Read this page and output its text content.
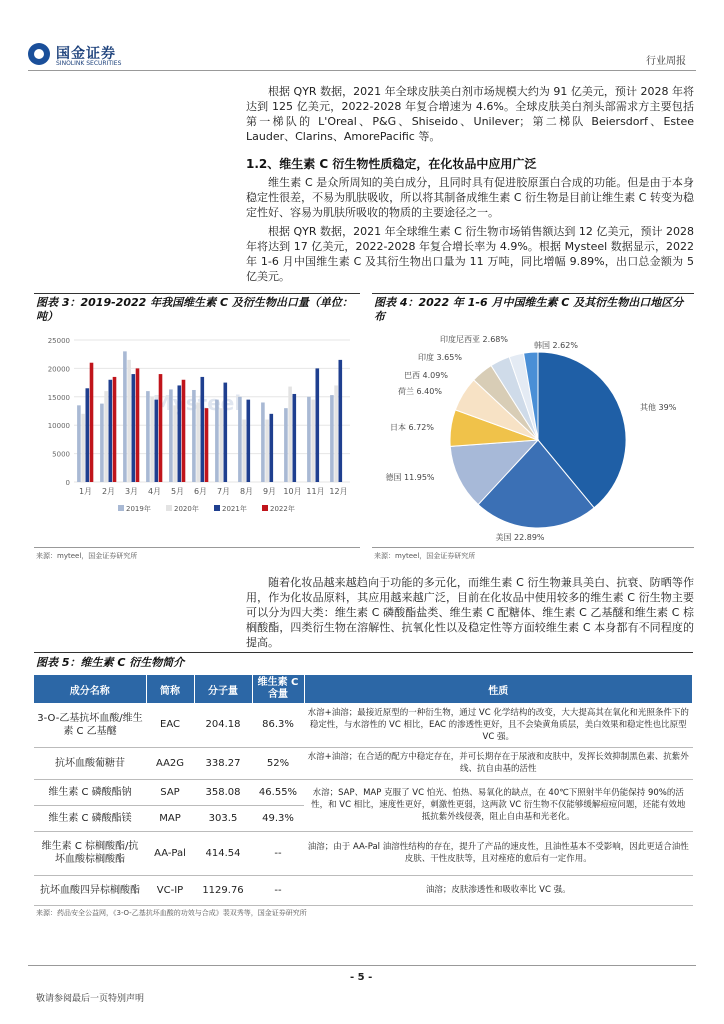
国金证券
SINOLINK SECURITIES	行业周报
根据 QYR 数据，2021 年全球皮肤美白剂市场规模大约为 91 亿美元，预计 2028 年将达到 125 亿美元，2022-2028 年复合增速为 4.6%。全球皮肤美白剂头部需求方主要包括第一梯队的 L'Oreal、P&G、Shiseido、Unilever；第二梯队 Beiersdorf、Estee Lauder、Clarins、AmorePacific 等。
1.2、维生素 C 衍生物性质稳定，在化妆品中应用广泛
维生素 C 是众所周知的美白成分，且同时具有促进胶原蛋白合成的功能。但是由于本身稳定性很差，不易为肌肤吸收，所以将其制备成维生素 C 衍生物是目前让维生素 C 转变为稳定性好、容易为肌肤所吸收的物质的主要途径之一。
根据 QYR 数据，2021 年全球维生素 C 衍生物市场销售额达到 12 亿美元，预计 2028 年将达到 17 亿美元，2022-2028 年复合增长率为 4.9%。根据 Mysteel 数据显示，2022 年 1-6 月中国维生素 C 及其衍生物出口量为 11 万吨，同比增幅 9.89%，出口总金额为 5 亿美元。
图表 3：2019-2022 年我国维生素 C 及衍生物出口量（单位：吨）
图表 4：2022 年 1-6 月中国维生素 C 及其衍生物出口地区分布
0
5000
10000
15000
20000
25000
1月 2月 3月 4月 5月 6月 7月 8月 9月 10月 11月 12月
2019年	2020年	2021年	2022年
其他 39%
美国 22.89%
德国 11.95%
日本 6.72%
荷兰 6.40%
巴西 4.09%
印度 3.65%
印度尼西亚 2.68%
韩国 2.62%
来源：myteel，国金证券研究所	来源：myteel，国金证券研究所
随着化妆品越来越趋向于功能的多元化，而维生素 C 衍生物兼具美白、抗衰、防晒等作用，作为化妆品原料，其应用越来越广泛，目前在化妆品中使用较多的维生素 C 衍生物主要可以分为四大类：维生素 C 磷酸酯盐类、维生素 C 配糖体、维生素 C 乙基醚和维生素 C 棕榈酸酯，四类衍生物在溶解性、抗氧化性以及稳定性等方面较维生素 C 本身都有不同程度的提高。
图表 5：维生素 C 衍生物简介
成分名称	简称	分子量	维生素 C 含量	性质
3-O-乙基抗坏血酸/维生素 C 乙基醚	EAC	204.18	86.3%	水溶+油溶；最接近原型的一种衍生物，通过 VC 化学结构的改变，大大提高其在氧化和光照条件下的稳定性，与水溶性的 VC 相比，EAC 的渗透性更好，且不会染黄角质层，美白效果和稳定性也比原型 VC 强。
抗坏血酸葡糖苷	AA2G	338.27	52%	水溶+油溶；在合适的配方中稳定存在，并可长期存在于尿液和皮肤中，发挥长效抑制黑色素、抗紫外线、抗自由基的活性
维生素 C 磷酸酯钠	SAP	358.08	46.55%	水溶；SAP、MAP 克服了 VC 怕光、怕热、易氧化的缺点，在 40℃下照射半年仍能保持 90%的活性，和 VC 相比，速度性更好，刺激性更弱，这两款 VC 衍生物不仅能够缓解痘痘问题，还能有效地抵抗紫外线侵袭，阻止自由基和光老化。
维生素 C 磷酸酯镁	MAP	303.5	49.3%	
维生素 C 棕榈酸酯/抗坏血酸棕榈酸酯	AA-Pal	414.54	--	油溶；由于 AA-Pal 油溶性结构的存在，提升了产品的速皮性，且油性基本不受影响，因此更适合油性皮肤、干性皮肤等，且对痤疮的愈后有一定作用。
抗坏血酸四异棕榈酸酯	VC-IP	1129.76	--	油溶；皮肤渗透性和吸收率比 VC 强。
来源：药品安全公益网，《3-O-乙基抗坏血酸的功效与合成》裴双秀等，国金证券研究所
- 5 -
敬请参阅最后一页特别声明
